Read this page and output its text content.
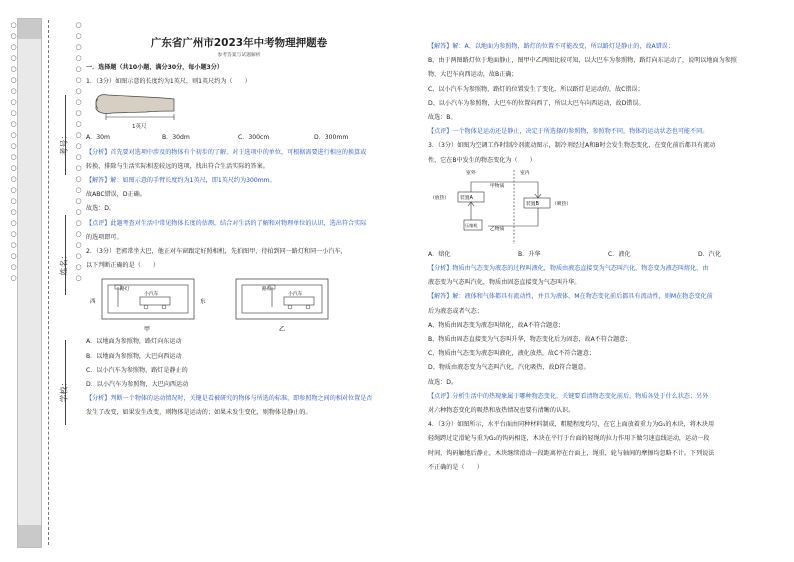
○
○
○
○
○
○
○
○
○
○
○
○
○
○
○
○
○
○
○
○
○
○
○
○
○
○
○
○
○
○
○
○
○
○
○
○
○
○
○
○
○
○
○
○
○
○
○
○
考号：
姓名：
学校：

广东省广州市2023年中考物理押题卷

参考答案与试题解析

一．选择题（共10小题，满分30分，每小题3分）

1．（3分）如图示意的长度约为1英尺，则1英尺约为（　　）

1英尺
A．30m	B．30dm	C．300cm	D．300mm

【分析】首先要对选项中涉及的物体有个初步的了解，对于选项中的单位，可根据需要进行相应的换算或

转换，排除与生活实际相差较远的选项，找出符合生活实际的答案。

【解答】解：如图示意的手臂长度约为1英尺，即1英尺约为300mm。

故ABC错误，D正确。

故选：D。

【点评】此题考查对生活中常见物体长度的估测，结合对生活的了解和对物理单位的认识，选出符合实际

的选项即可。

2．（3分）老郭常坐大巴，他正对车窗跟定好照相机，先拍图甲，待拍到同一路灯和同一小汽车，

以下判断正确的是（　　）

西
路灯
小汽车
东
甲
路灯
小汽车
乙

A．以地面为参照物，路灯向东运动

B．以地面为参照物，大巴向西运动

C．以小汽车为参照物，路灯是静止的

D．以小汽车为参照物，大巴向西运动

【分析】判断一个物体的运动情况时，关键是看被研究的物体与所选的标准，即参照物之间的相对位置是否

发生了改变，如果发生改变，则物体是运动的；如果未发生变化，则物体是静止的。

【解答】解：A、以地面为参照物，路灯的位置不可能改变，所以路灯是静止的，故A错误；

B、由于两图路灯位于地面静止，图甲中乙两图比较可知，以大巴车为参照物，路灯向东运动了，说明以地面为参照

物，大巴车向西运动，故B正确；

C、以小汽车为参照物，路灯的位置发生了变化，所以路灯是运动的，故C错误；

D、以小汽车为参照物，大巴车的位置向西了，所以大巴车向西运动，故D错误。

故选：B。

【点评】一个物体是运动还是静止，决定于所选择的参照物，参照物不同，物体的运动状态也可能不同。

3．（3分）如图为空调工作时制冷剂流动图示，制冷剂经过A和B时会发生物态变化，在变化前后都具有流动

性，它在B中发生的物态变化为（　　）

室外	室内
装置A
装置B
（放热）
（吸热）
甲物质
乙物质
压缩机
A．熔化	B．升华	C．液化	D．汽化

【分析】物质由气态变为液态的过程叫液化，物质由液态直接变为气态叫汽化，物态变为液态叫熔化，由

液态变为气态叫汽化，物质由固态直接变为气态叫升华。

【解答】解：液体和气体都具有流动性，并且为液体，M在物态变化前后都具有流动性，则M在物态变化前

后为液态或者气态；

A、物质由固态变为液态叫熔化，故A不符合题意；

B、物质由固态直接变为气态叫升华，物态变化后为固态，故A不符合题意；

C、物质由气态变为液态叫液化，液化放热，故C不符合题意；

D、物质由液态变为气态叫汽化，汽化吸热，故D符合题意。

故选：D。

【点评】分析生活中的热现象属于哪种物态变化，关键要看清物态变化前后，物质各处于什么状态；另外

对六种物态变化的吸热和放热情况也要有清晰的认识。

4．（3分）如图所示，水平台面由同种材料制成，粗糙程度均匀，在它上面放着重力为G₁的木块，将木块用

轻绳跨过定滑轮与重为G₂的钩码相连，木块在平行于台面的轻绳的拉力作用下做匀速直线运动，运动一段

时间，钩码触地后静止，木块继续滑动一段距离停在台面上，绳重，轮与轴间的摩擦均忽略不计。下列说法

不正确的是（　　）
